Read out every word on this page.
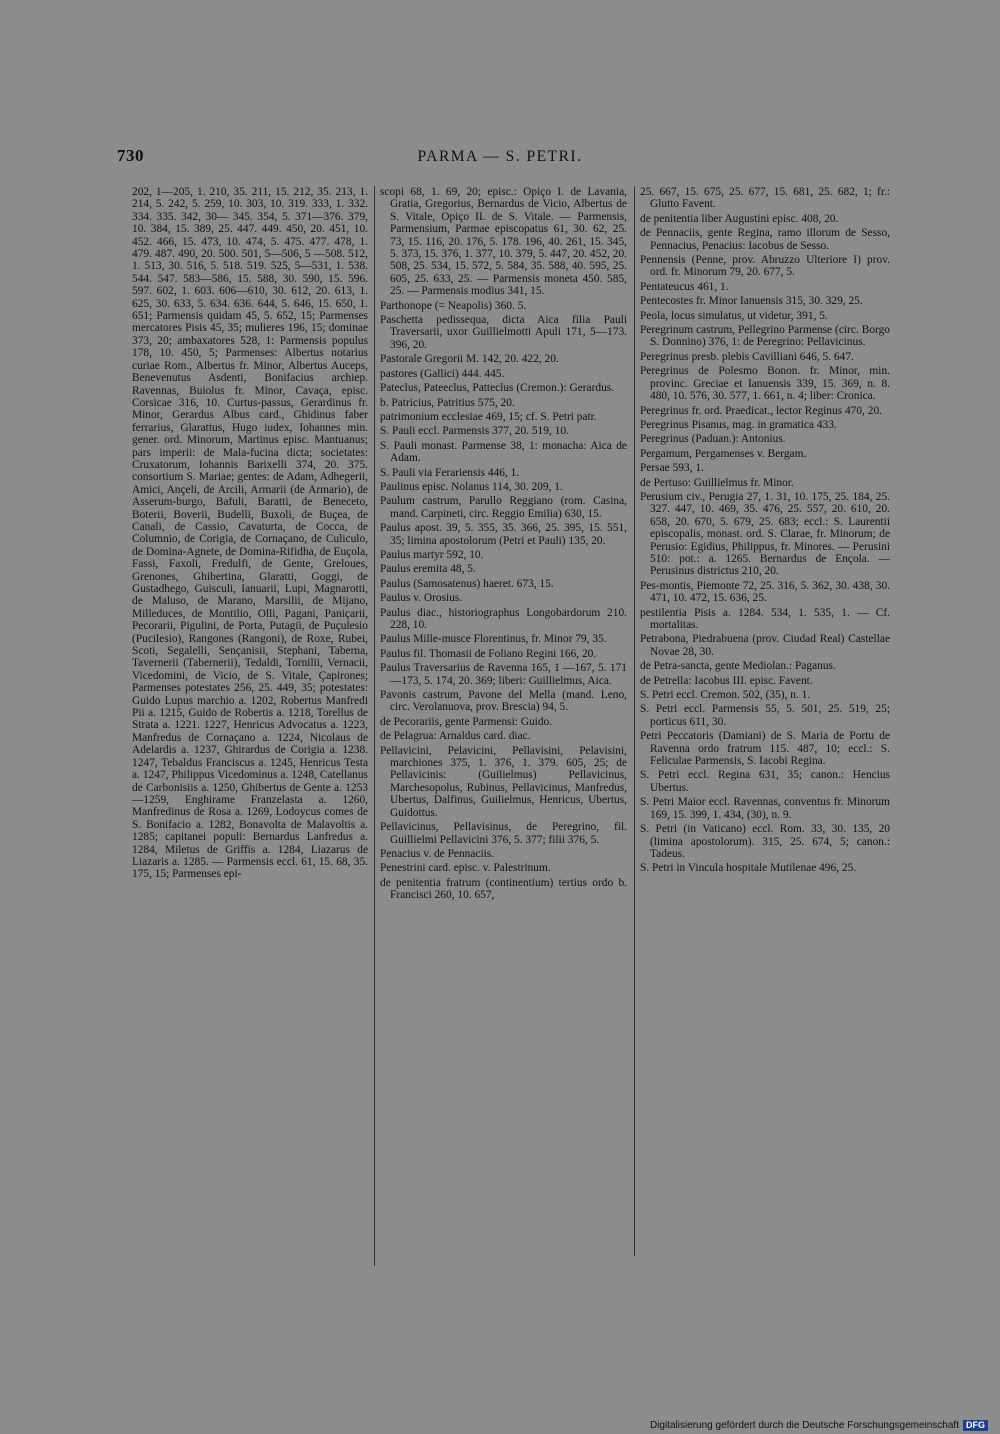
730	PARMA — S. PETRI.

202, 1—205, 1. 210, 35. 211, 15. 212, 35. 213, 1. 214, 5. 242, 5. 259, 10. 303, 10. 319. 333, 1. 332. 334. 335. 342, 30— 345. 354, 5. 371—376. 379, 10. 384, 15. 389, 25. 447. 449. 450, 20. 451, 10. 452. 466, 15. 473, 10. 474, 5. 475. 477. 478, 1. 479. 487. 490, 20. 500. 501, 5—506, 5 —508. 512, 1. 513, 30. 516, 5. 518. 519. 525, 5—531, 1. 538. 544. 547. 583—586, 15. 588, 30. 590, 15. 596. 597. 602, 1. 603. 606—610, 30. 612, 20. 613, 1. 625, 30. 633, 5. 634. 636. 644, 5. 646, 15. 650, 1. 651; Parmensis quidam 45, 5. 652, 15; Parmenses mercatores Pisis 45, 35; mulieres 196, 15; dominae 373, 20; ambaxatores 528, 1: Parmensis populus 178, 10. 450, 5; Parmenses: Albertus notarius curiae Rom., Albertus fr. Minor, Albertus Auceps, Benevenutus Asdenti, Bonifacius archiep. Ravennas, Buiolus fr. Minor, Cavaça, episc. Corsicae 316, 10. Curtus-passus, Gerardinus fr. Minor, Gerardus Albus card., Ghidinus faber ferrarius, Glarattus, Hugo iudex, Iohannes min. gener. ord. Minorum, Martinus episc. Mantuanus; pars imperii: de Mala-fucina dicta; societates: Cruxatorum, Iohannis Barixelli 374, 20. 375. consortium S. Mariae; gentes: de Adam, Adhegerii, Amici, Ançeli, de Arcili, Armarii (de Armario), de Asserum-burgo, Bafuli, Baratti, de Beneceto, Boterii, Boverii, Budelli, Buxoli, de Buçea, de Canali, de Cassio, Cavaturta, de Cocca, de Columnio, de Corigia, de Cornaçano, de Culiculo, de Domina-Agnete, de Domina-Rifidha, de Euçola, Fassi, Faxoli, Fredulfi, de Gente, Greloues, Grenones, Ghibertina, Glaratti, Goggi, de Gustadhego, Guisculi, Ianuarii, Lupi, Magnarotti, de Maluso, de Marano, Marsilii, de Mijano, Milleduces, de Montilio, Olli, Pagani, Paniçarii, Pecorarii, Pigulini, de Porta, Putagii, de Puçulesio (Pucilesio), Rangones (Rangoni), de Roxe, Rubei, Scoti, Segalelli, Sençanisii, Stephani, Taberna, Tavernerii (Tabernerii), Tedaldi, Tornilii, Vernacii, Vicedomini, de Vicio, de S. Vitale, Çapirones; Parmenses potestates 256, 25. 449, 35; potestates: Guido Lupus marchio a. 1202, Robertus Manfredi Pii a. 1215, Guido de Robertis a. 1218, Torellus de Strata a. 1221. 1227, Henricus Advocatus a. 1223, Manfredus de Cornaçano a. 1224, Nicolaus de Adelardis a. 1237, Ghirardus de Corigia a. 1238. 1247, Tebaldus Franciscus a. 1245, Henricus Testa a. 1247, Philippus Vicedominus a. 1248, Catellanus de Carbonisiis a. 1250, Ghibertus de Gente a. 1253—1259, Enghirame Franzelasta a. 1260, Manfredinus de Rosa a. 1269, Lodoycus comes de S. Bonifacio a. 1282, Bonavolta de Malavoltis a. 1285; capitanei populi: Bernardus Lanfredus a. 1284, Miletus de Griffis a. 1284, Liazarus de Liazaris a. 1285. — Parmensis eccl. 61, 15. 68, 35. 175, 15; Parmenses epi-

scopi 68, 1. 69, 20; episc.: Opiço I. de Lavania, Gratia, Gregorius, Bernardus de Vicio, Albertus de S. Vitale, Opiço II. de S. Vitale. — Parmensis, Parmensium, Parmae episcopatus 61, 30. 62, 25. 73, 15. 116, 20. 176, 5. 178. 196, 40. 261, 15. 345, 5. 373, 15. 376, 1. 377, 10. 379, 5. 447, 20. 452, 20. 508, 25. 534, 15. 572, 5. 584, 35. 588, 40. 595, 25. 605, 25. 633, 25. — Parmensis moneta 450. 585, 25. — Parmensis modius 341, 15.

Parthonope (= Neapolis) 360. 5.

Paschetta pedissequa, dicta Aica filia Pauli Traversarii, uxor Guillielmotti Apuli 171, 5—173. 396, 20.

Pastorale Gregorii M. 142, 20. 422, 20.

pastores (Gallici) 444. 445.

Pateclus, Pateeclus, Patteclus (Cremon.): Gerardus.

b. Patricius, Patritius 575, 20.

patrimonium ecclesiae 469, 15; cf. S. Petri patr.

S. Pauli eccl. Parmensis 377, 20. 519, 10.

S. Pauli monast. Parmense 38, 1: monacha: Aica de Adam.

S. Pauli via Ferariensis 446, 1.

Paulinus episc. Nolanus 114, 30. 209, 1.

Paulum castrum, Parullo Reggiano (rom. Casina, mand. Carpineti, circ. Reggio Emilia) 630, 15.

Paulus apost. 39, 5. 355, 35. 366, 25. 395, 15. 551, 35; limina apostolorum (Petri et Pauli) 135, 20.

Paulus martyr 592, 10.

Paulus eremita 48, 5.

Paulus (Samosatenus) haeret. 673, 15.

Paulus v. Orosius.

Paulus diac., historiographus Longobardorum 210. 228, 10.

Paulus Mille-musce Florentinus, fr. Minor 79, 35.

Paulus fil. Thomasii de Foliano Regini 166, 20.

Paulus Traversarius de Ravenna 165, 1 —167, 5. 171—173, 5. 174, 20. 369; liberi: Guillielmus, Aica.

Pavonis castrum, Pavone del Mella (mand. Leno, circ. Verolanuova, prov. Brescia) 94, 5.

de Pecorariis, gente Parmensi: Guido.

de Pelagrua: Arnaldus card. diac.

Pellavicini, Pelavicini, Pellavisini, Pelavisini, marchiones 375, 1. 376, 1. 379. 605, 25; de Pellavicinis: (Guilielmus) Pellavicinus, Marchesopolus, Rubinus, Pellavicinus, Manfredus, Ubertus, Dalfinus, Guilielmus, Henricus, Ubertus, Guidottus.

Pellavicinus, Pellavisinus, de Peregrino, fil. Guillielmi Pellavicini 376, 5. 377; filii 376, 5.

Penacius v. de Pennaciis.

Penestrini card. episc. v. Palestrinum.

de penitentia fratrum (continentium) tertius ordo b. Francisci 260, 10. 657,

25. 667, 15. 675, 25. 677, 15. 681, 25. 682, 1; fr.: Glutto Favent.

de penitentia liber Augustini episc. 408, 20.

de Pennaciis, gente Regina, ramo illorum de Sesso, Pennacius, Penacius: Iacobus de Sesso.

Pennensis (Penne, prov. Abruzzo Ulteriore I) prov. ord. fr. Minorum 79, 20. 677, 5.

Pentateucus 461, 1.

Pentecostes fr. Minor Ianuensis 315, 30. 329, 25.

Peola, locus simulatus, ut videtur, 391, 5.

Peregrinum castrum, Pellegrino Parmense (circ. Borgo S. Donnino) 376, 1: de Peregrino: Pellavicinus.

Peregrinus presb. plebis Cavilliani 646, 5. 647.

Peregrinus de Polesmo Bonon. fr. Minor, min. provinc. Greciae et Ianuensis 339, 15. 369, n. 8. 480, 10. 576, 30. 577, 1. 661, n. 4; liber: Cronica.

Peregrinus fr. ord. Praedicat., lector Reginus 470, 20.

Peregrinus Pisanus, mag. in gramatica 433.

Peregrinus (Paduan.): Antonius.

Pergamum, Pergamenses v. Bergam.

Persae 593, 1.

de Pertuso: Guillielmus fr. Minor.

Perusium civ., Perugia 27, 1. 31, 10. 175, 25. 184, 25. 327. 447, 10. 469, 35. 476, 25. 557, 20. 610, 20. 658, 20. 670, 5. 679, 25. 683; eccl.: S. Laurentii episcopalis, monast. ord. S. Clarae, fr. Minorum; de Perusio: Egidius, Philippus, fr. Minores. — Perusini 510: pot.: a. 1265. Bernardus de Ençola. — Perusinus districtus 210, 20.

Pes-montis, Piemonte 72, 25. 316, 5. 362, 30. 438, 30. 471, 10. 472, 15. 636, 25.

pestilentia Pisis a. 1284. 534, 1. 535, 1. — Cf. mortalitas.

Petrabona, Piedrabuena (prov. Ciudad Real) Castellae Novae 28, 30.

de Petra-sancta, gente Mediolan.: Paganus.

de Petrella: Iacobus III. episc. Favent.

S. Petri eccl. Cremon. 502, (35), n. 1.

S. Petri eccl. Parmensis 55, 5. 501, 25. 519, 25; porticus 611, 30.

Petri Peccatoris (Damiani) de S. Maria de Portu de Ravenna ordo fratrum 115. 487, 10; eccl.: S. Feliculae Parmensis, S. Iacobi Regina.

S. Petri eccl. Regina 631, 35; canon.: Hencius Ubertus.

S. Petri Maior eccl. Ravennas, conventus fr. Minorum 169, 15. 399, 1. 434, (30), n. 9.

S. Petri (in Vaticano) eccl. Rom. 33, 30. 135, 20 (limina apostolorum). 315, 25. 674, 5; canon.: Tadeus.

S. Petri in Vincula hospitale Mutilenae 496, 25.

Digitalisierung gefördert durch die Deutsche Forschungsgemeinschaft DFG
